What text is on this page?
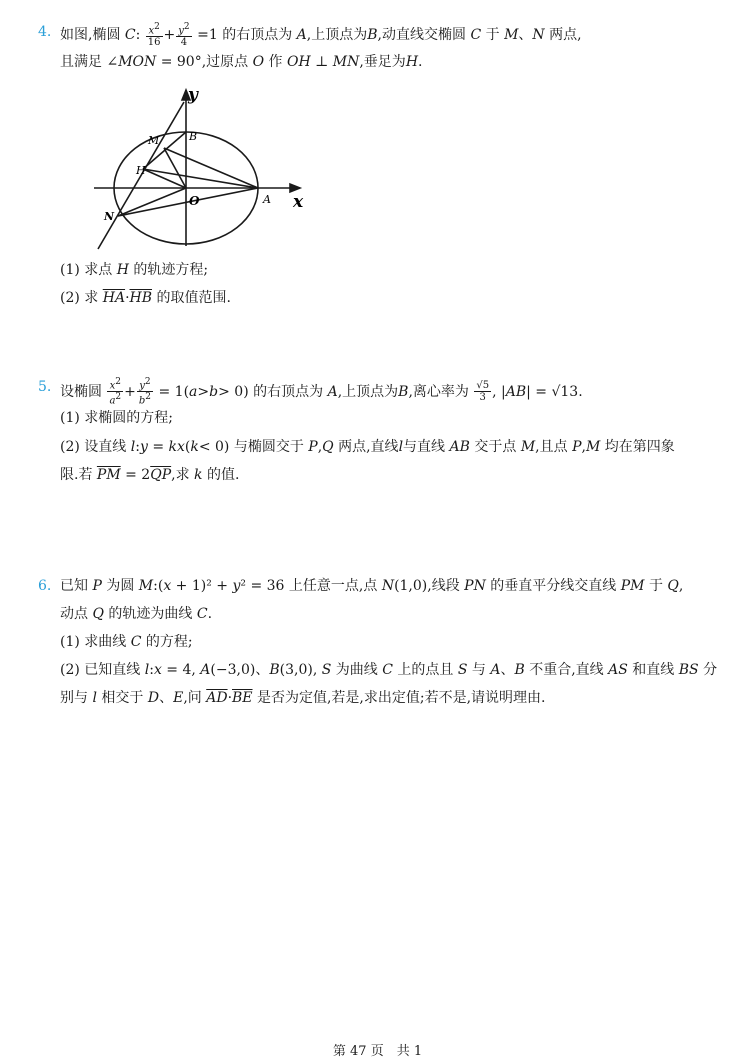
4. 如图,椭圆 C: $\frac{x^2}{16} + \frac{y^2}{4} =1$ 的右顶点为 A,上顶点为B,动直线交椭圆 C 于 M、N 两点,
且满足 ∠MON = 90°,过原点 O 作 OH ⊥ MN,垂足为H.
y
x
M	B
H
O	A
N
(1) 求点 H 的轨迹方程;
(2) 求 $\overline{HA}\cdot\overline{HB}$ 的取值范围.
5. 设椭圆 $\frac{x^2}{a^2} + \frac{y^2}{b^2} = 1(a>b> 0)$ 的右顶点为 A,上顶点为B,离心率为 $\frac{√5}{3}$ , |AB| = √13.
(1) 求椭圆的方程;
(2) 设直线 l:y = kx(k< 0) 与椭圆交于 P,Q 两点,直线l与直线 AB 交于点 M,且点 P,M 均在第四象
限.若 $\overline{PM} = 2\overline{QP}$,求 k 的值.
6. 已知 P 为圆 M:(x + 1)² + y² = 36 上任意一点,点 N(1,0),线段 PN 的垂直平分线交直线 PM 于 Q,
动点 Q 的轨迹为曲线 C.
(1) 求曲线 C 的方程;
(2) 已知直线 l:x = 4, A(−3,0)、B(3,0), S 为曲线 C 上的点且 S 与 A、B 不重合,直线 AS 和直线 BS 分
别与 l 相交于 D、E,问 $\overline{AD}\cdot\overline{BE}$ 是否为定值,若是,求出定值;若不是,请说明理由.
第 47 页　共 1
